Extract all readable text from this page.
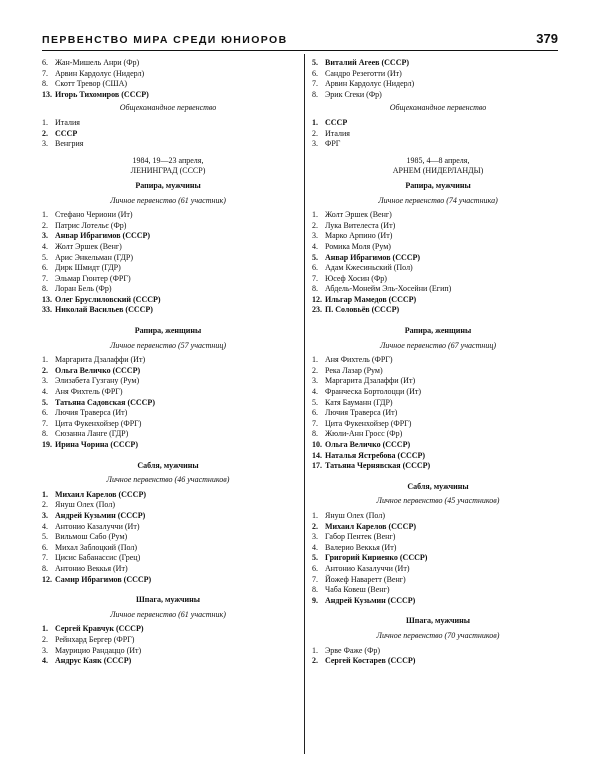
ПЕРВЕНСТВО МИРА СРЕДИ ЮНИОРОВ	379
6. Жан-Мишель Анри (Фр)
7. Арвин Кардолус (Нидерл)
8. Скотт Тревор (США)
13. Игорь Тихомиров (СССР)
Общекомандное первенство
1. Италия
2. СССР
3. Венгрия
1984, 19—23 апреля,
ЛЕНИНГРАД (СССР)
Рапира, мужчины
Личное первенство (61 участник)
1. Стефано Чериони (Ит)
2. Патрис Лотельє (Фр)
3. Анвар Ибрагимов (СССР)
4. Жолт Эршек (Венг)
5. Арис Энкельман (ГДР)
6. Дирк Шмидт (ГДР)
7. Эльмар Гюнтер (ФРГ)
8. Лоран Бель (Фр)
13. Олег Бруслиловский (СССР)
33. Николай Васильев (СССР)
Рапира, женщины
Личное первенство (57 участниц)
1. Маргарита Дзалаффи (Ит)
2. Ольга Величко (СССР)
3. Элизабета Гузгану (Рум)
4. Аня Фихтель (ФРГ)
5. Татьяна Садовская (СССР)
6. Лючия Траверса (Ит)
7. Цита Фукенхойзер (ФРГ)
8. Сюзанна Ланге (ГДР)
19. Ирина Чорина (СССР)
Сабля, мужчины
Личное первенство (46 участников)
1. Михаил Карелов (СССР)
2. Януш Олех (Пол)
3. Андрей Кузьмин (СССР)
4. Антонио Казалуччи (Ит)
5. Вильмош Сабо (Рум)
6. Михал Заблоцкий (Пол)
7. Цисис Бабанассис (Грец)
8. Антонио Веккья (Ит)
12. Самир Ибрагимов (СССР)
Шпага, мужчины
Личное первенство (61 участник)
1. Сергей Кравчук (СССР)
2. Рейнхард Бергер (ФРГ)
3. Маурицио Рандаццо (Ит)
4. Андрус Каяк (СССР)
5. Виталий Агеев (СССР)
6. Сандро Резеготти (Ит)
7. Арвин Кардолус (Нидерл)
8. Эрик Сreки (Фр)
Общекомандное первенство
1. СССР
2. Италия
3. ФРГ
1985, 4—8 апреля,
АРНЕМ (НИДЕРЛАНДЫ)
Рапира, мужчины
Личное первенство (74 участника)
1. Жолт Эршек (Венг)
2. Лука Вителеста (Ит)
3. Марко Арпино (Ит)
4. Ромика Моля (Рум)
5. Анвар Ибрагимов (СССР)
6. Адам Кжесиньский (Пол)
7. Юсеф Хосин (Фр)
8. Абдель-Монейм Эль-Хосейни (Егип)
12. Ильгар Мамедов (СССР)
23. П. Соловьёв (СССР)
Рапира, женщины
Личное первенство (67 участниц)
1. Аня Фихтель (ФРГ)
2. Река Лазар (Рум)
3. Маргарита Дзалаффи (Ит)
4. Франческа Бортолоцци (Ит)
5. Катя Бауманн (ГДР)
6. Лючия Траверса (Ит)
7. Цита Фукенхойзер (ФРГ)
8. Жюли-Анн Гросс (Фр)
10. Ольга Величко (СССР)
14. Наталья Ястребова (СССР)
17. Татьяна Чернявская (СССР)
Сабля, мужчины
Личное первенство (45 участников)
1. Януш Олех (Пол)
2. Михаил Карелов (СССР)
3. Габор Пентек (Венг)
4. Валерио Веккья (Ит)
5. Григорий Кириенко (СССР)
6. Антонио Казалуччи (Ит)
7. Йожеф Наваретт (Венг)
8. Чаба Ковеш (Венг)
9. Андрей Кузьмин (СССР)
Шпага, мужчины
Личное первенство (70 участников)
1. Эрве Фаже (Фр)
2. Сергей Костарев (СССР)
